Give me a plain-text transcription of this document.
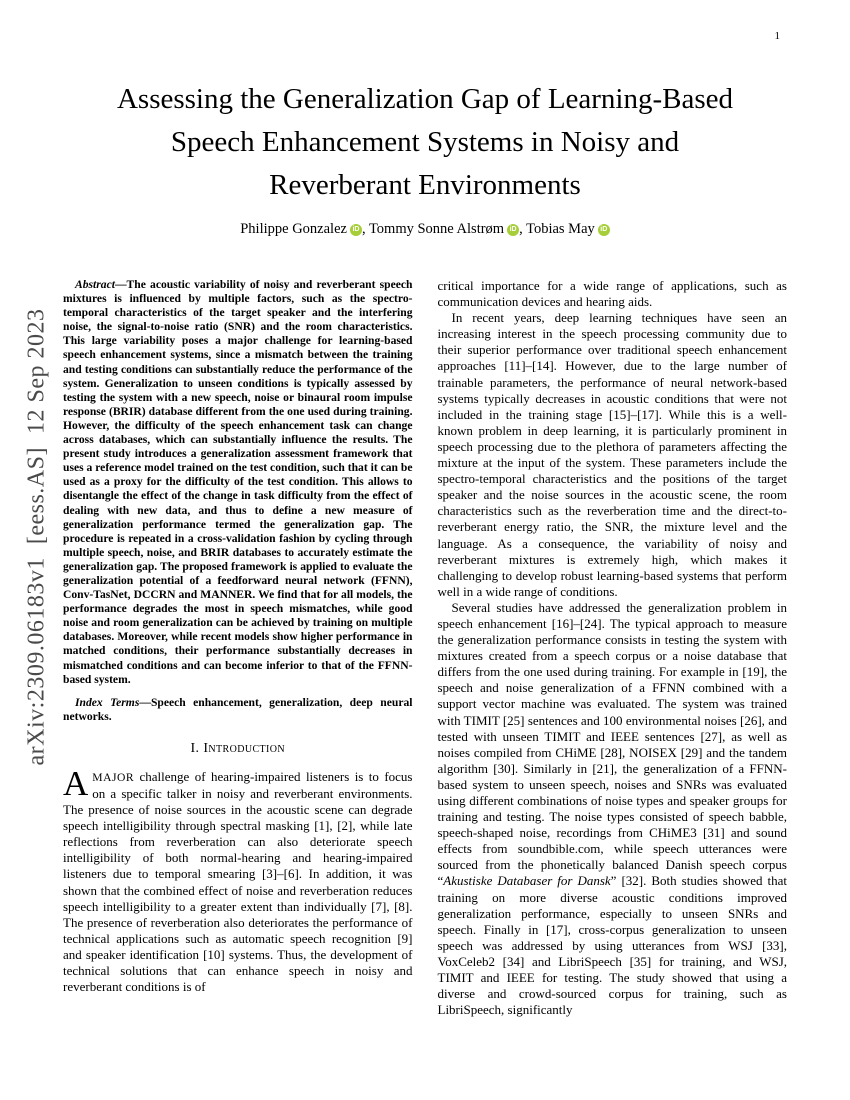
1
arXiv:2309.06183v1  [eess.AS]  12 Sep 2023
Assessing the Generalization Gap of Learning-Based
Speech Enhancement Systems in Noisy and
Reverberant Environments
Philippe Gonzalez iD , Tommy Sonne Alstrøm iD , Tobias May iD

Abstract—The acoustic variability of noisy and reverberant speech mixtures is influenced by multiple factors, such as the spectro-temporal characteristics of the target speaker and the interfering noise, the signal-to-noise ratio (SNR) and the room characteristics. This large variability poses a major challenge for learning-based speech enhancement systems, since a mismatch between the training and testing conditions can substantially reduce the performance of the system. Generalization to unseen conditions is typically assessed by testing the system with a new speech, noise or binaural room impulse response (BRIR) database different from the one used during training. However, the difficulty of the speech enhancement task can change across databases, which can substantially influence the results. The present study introduces a generalization assessment framework that uses a reference model trained on the test condition, such that it can be used as a proxy for the difficulty of the test condition. This allows to disentangle the effect of the change in task difficulty from the effect of dealing with new data, and thus to define a new measure of generalization performance termed the generalization gap. The procedure is repeated in a cross-validation fashion by cycling through multiple speech, noise, and BRIR databases to accurately estimate the generalization gap. The proposed framework is applied to evaluate the generalization potential of a feedforward neural network (FFNN), Conv-TasNet, DCCRN and MANNER. We find that for all models, the performance degrades the most in speech mismatches, while good noise and room generalization can be achieved by training on multiple databases. Moreover, while recent models show higher performance in matched conditions, their performance substantially decreases in mismatched conditions and can become inferior to that of the FFNN-based system.

Index Terms—Speech enhancement, generalization, deep neural networks.

I. Introduction

AMAJOR challenge of hearing-impaired listeners is to focus on a specific talker in noisy and reverberant environments. The presence of noise sources in the acoustic scene can degrade speech intelligibility through spectral masking [1], [2], while late reflections from reverberation can also deteriorate speech intelligibility of both normal-hearing and hearing-impaired listeners due to temporal smearing [3]–[6]. In addition, it was shown that the combined effect of noise and reverberation reduces speech intelligibility to a greater extent than individually [7], [8]. The presence of reverberation also deteriorates the performance of technical applications such as automatic speech recognition [9] and speaker identification [10] systems. Thus, the development of technical solutions that can enhance speech in noisy and reverberant conditions is of

critical importance for a wide range of applications, such as communication devices and hearing aids.

In recent years, deep learning techniques have seen an increasing interest in the speech processing community due to their superior performance over traditional speech enhancement approaches [11]–[14]. However, due to the large number of trainable parameters, the performance of neural network-based systems typically decreases in acoustic conditions that were not included in the training stage [15]–[17]. While this is a well-known problem in deep learning, it is particularly prominent in speech processing due to the plethora of parameters affecting the mixture at the input of the system. These parameters include the spectro-temporal characteristics and the positions of the target speaker and the noise sources in the acoustic scene, the room characteristics such as the reverberation time and the direct-to-reverberant energy ratio, the SNR, the mixture level and the language. As a consequence, the variability of noisy and reverberant mixtures is extremely high, which makes it challenging to develop robust learning-based systems that perform well in a wide range of conditions.

Several studies have addressed the generalization problem in speech enhancement [16]–[24]. The typical approach to measure the generalization performance consists in testing the system with mixtures created from a speech corpus or a noise database that differs from the one used during training. For example in [19], the speech and noise generalization of a FFNN combined with a support vector machine was evaluated. The system was trained with TIMIT [25] sentences and 100 environmental noises [26], and tested with unseen TIMIT and IEEE sentences [27], as well as noises compiled from CHiME [28], NOISEX [29] and the tandem algorithm [30]. Similarly in [21], the generalization of a FFNN-based system to unseen speech, noises and SNRs was evaluated using different combinations of noise types and speaker groups for training and testing. The noise types consisted of speech babble, speech-shaped noise, recordings from CHiME3 [31] and sound effects from soundbible.com, while speech utterances were sourced from the phonetically balanced Danish speech corpus “Akustiske Databaser for Dansk” [32]. Both studies showed that training on more diverse acoustic conditions improved generalization performance, especially to unseen SNRs and speech. Finally in [17], cross-corpus generalization to unseen speech was addressed by using utterances from WSJ [33], VoxCeleb2 [34] and LibriSpeech [35] for training, and WSJ, TIMIT and IEEE for testing. The study showed that using a diverse and crowd-sourced corpus for training, such as LibriSpeech, significantly
